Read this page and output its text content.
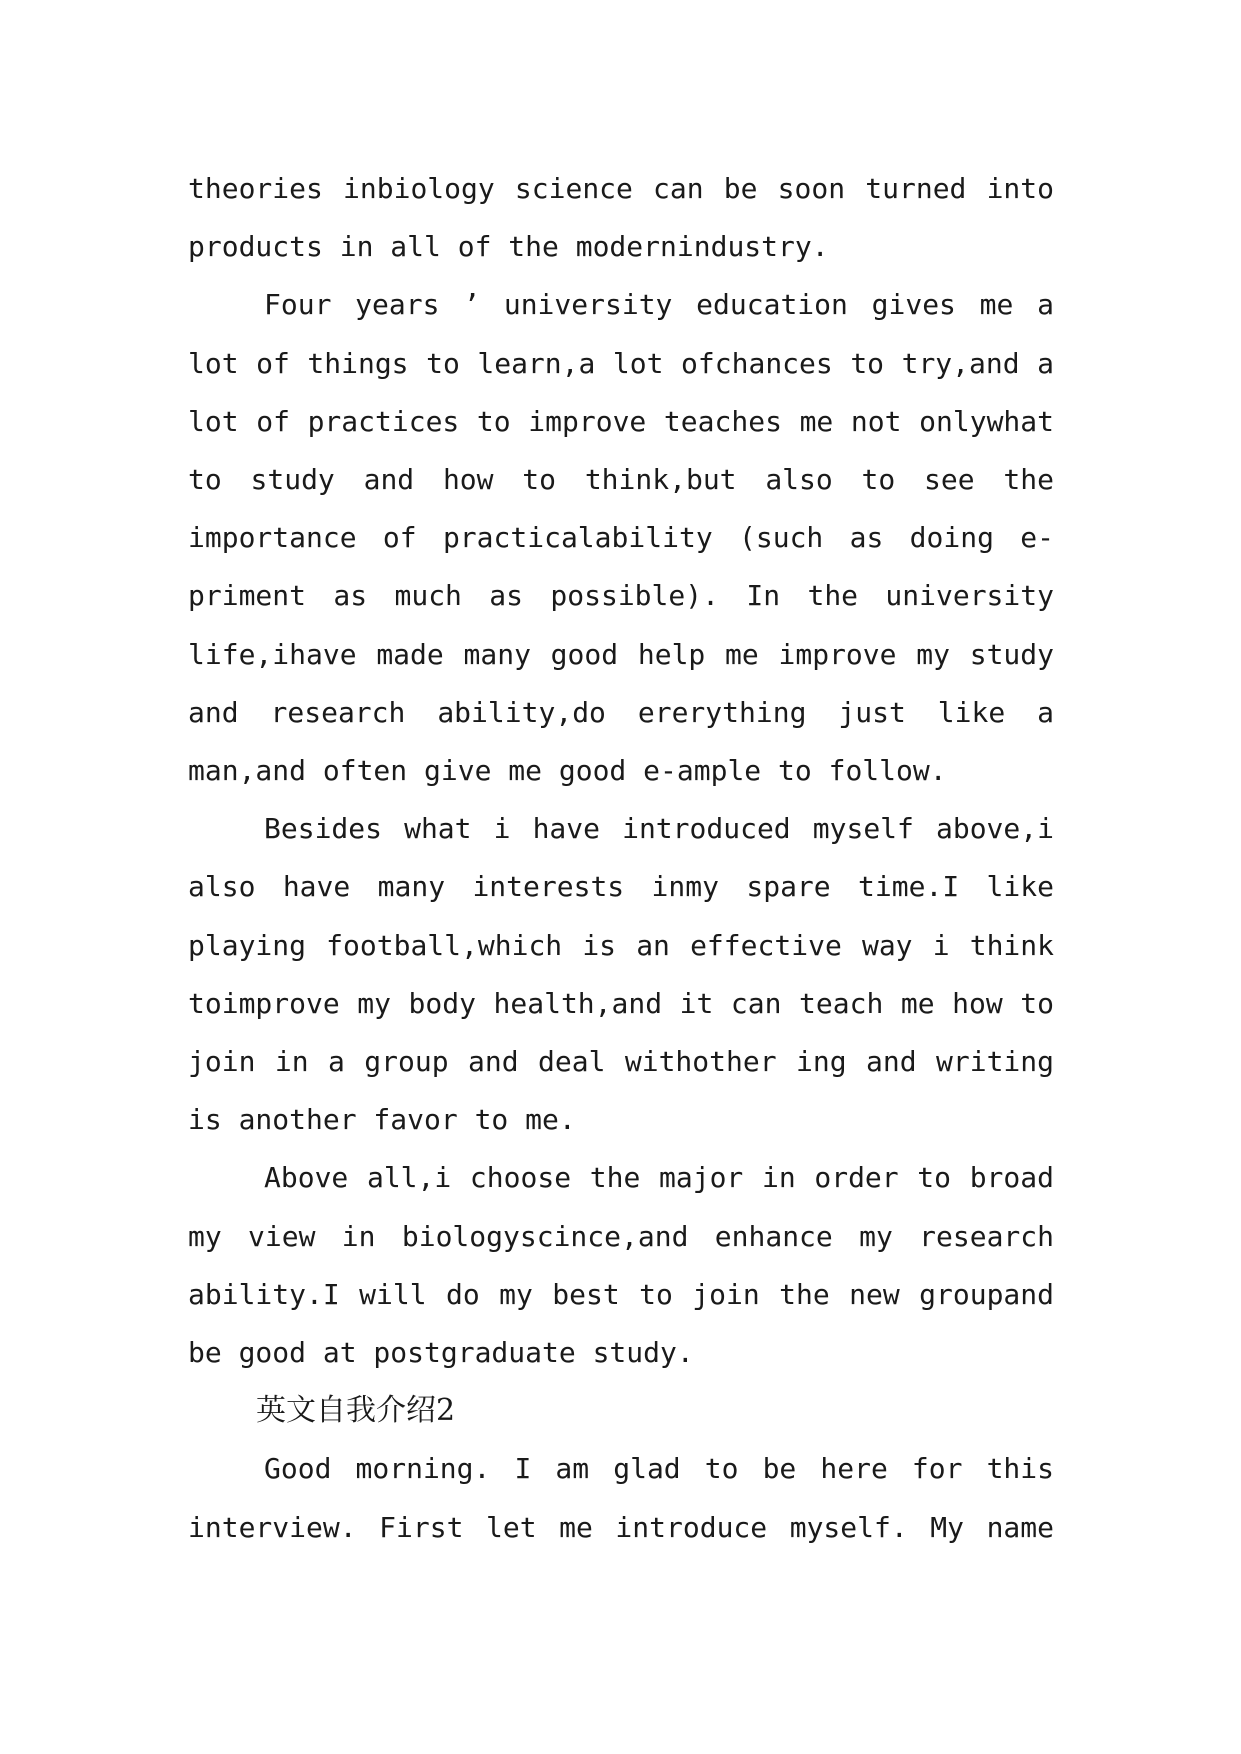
theories inbiology science can be soon turned into products in all of the modernindustry.

Four years ’ university education gives me a lot of things to learn,a lot ofchances to try,and a lot of practices to improve teaches me not onlywhat to study and how to think,but also to see the importance of practicalability (such as doing e-priment as much as possible). In the university life,ihave made many good help me improve my study and research ability,do ererything just like a man,and often give me good e-ample to follow.

Besides what i have introduced myself above,i also have many interests inmy spare time.I like playing football,which is an effective way i think toimprove my body health,and it can teach me how to join in a group and deal withother ing and writing is another favor to me.

Above all,i choose the major in order to broad my view in biologyscince,and enhance my research ability.I will do my best to join the new groupand be good at postgraduate study.

英文自我介绍2

Good morning. I am glad to be here for this interview. First let me introduce myself. My name
